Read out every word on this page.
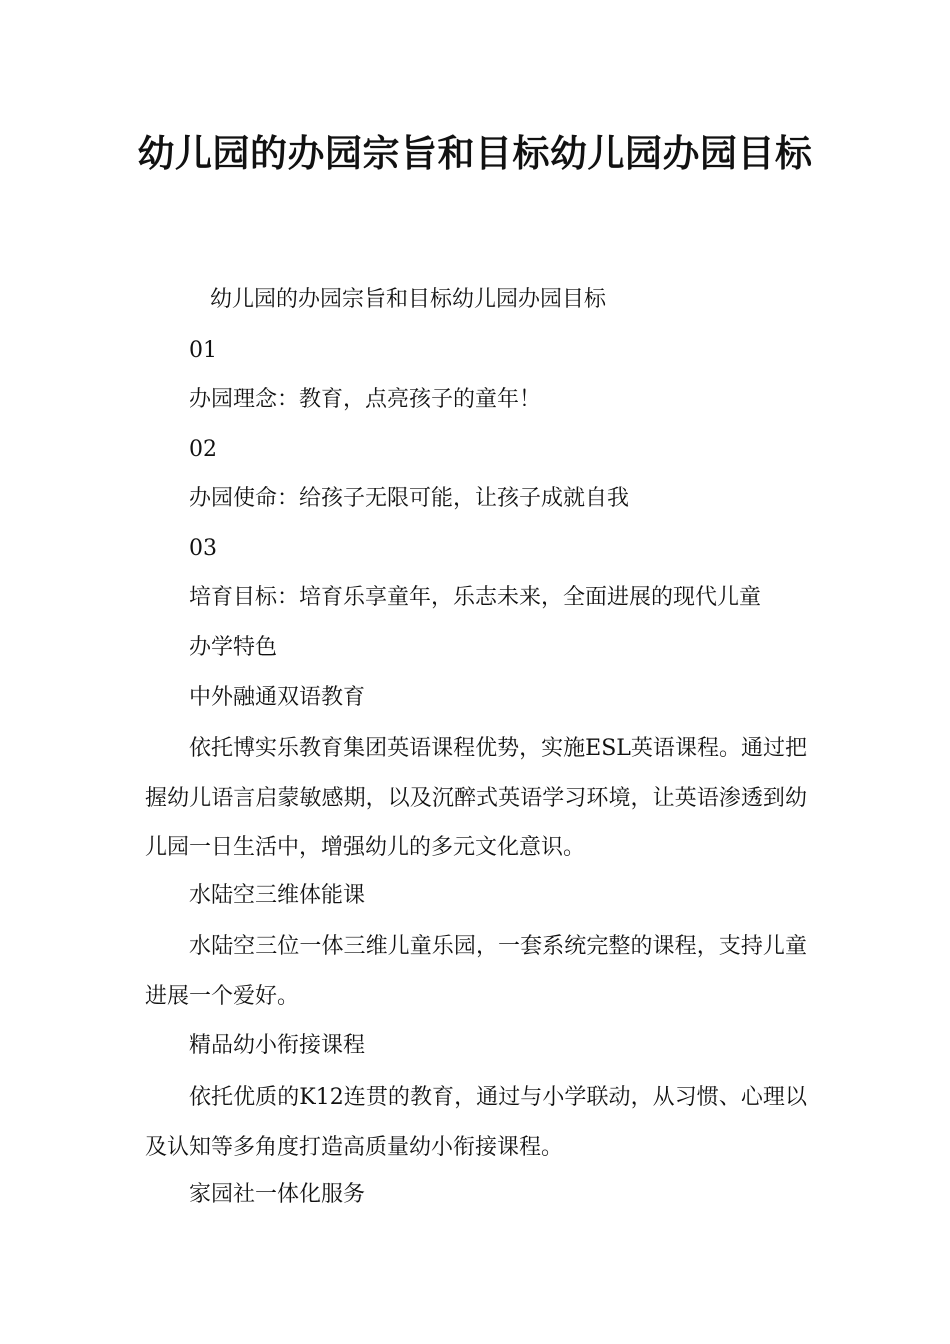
幼儿园的办园宗旨和目标幼儿园办园目标

幼儿园的办园宗旨和目标幼儿园办园目标

01

办园理念：教育，点亮孩子的童年！

02

办园使命：给孩子无限可能，让孩子成就自我

03

培育目标：培育乐享童年，乐志未来，全面进展的现代儿童

办学特色

中外融通双语教育

依托博实乐教育集团英语课程优势，实施ESL英语课程。通过把握幼儿语言启蒙敏感期，以及沉醉式英语学习环境，让英语渗透到幼儿园一日生活中，增强幼儿的多元文化意识。

水陆空三维体能课

水陆空三位一体三维儿童乐园，一套系统完整的课程，支持儿童进展一个爱好。

精品幼小衔接课程

依托优质的K12连贯的教育，通过与小学联动，从习惯、心理以及认知等多角度打造高质量幼小衔接课程。

家园社一体化服务
